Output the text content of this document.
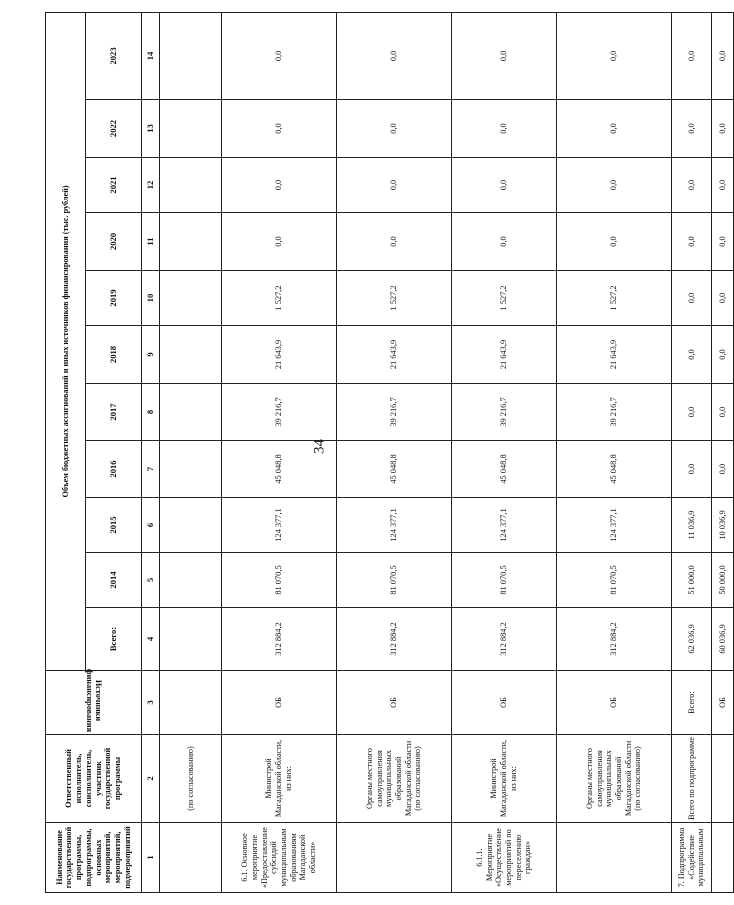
34
Наименование государственной программы, подпрограммы, основных мероприятий, мероприятий, подмероприятий	Ответственный исполнитель, соисполнитель, участник государственной программы	Источники финансирования	Объем бюджетных ассигнований и иных источников финансирования (тыс. рублей)										
			Всего:	2014	2015	2016	2017	2018	2019	2020	2021	2022	2023
1	2	3	4	5	6	7	8	9	10	11	12	13	14
	(по согласованию)												
6.1. Основное мероприятие «Предоставление субсидий муниципальным образованиям Магаданской области»	Министрой Магаданской области, из них:	ОБ	312 884,2	81 070,5	124 377,1	45 048,8	39 216,7	21 643,9	1 527,2	0,0	0,0	0,0	0,0
	Органы местного самоуправления муниципальных образований Магаданской области (по согласованию)	ОБ	312 884,2	81 070,5	124 377,1	45 048,8	39 216,7	21 643,9	1 527,2	0,0	0,0	0,0	0,0
6.1.1. Мероприятие «Осуществление мероприятий по переселению граждан»	Министрой Магаданской области, из них:	ОБ	312 884,2	81 070,5	124 377,1	45 048,8	39 216,7	21 643,9	1 527,2	0,0	0,0	0,0	0,0
	Органы местного самоуправления муниципальных образований Магаданской области (по согласованию)	ОБ	312 884,2	81 070,5	124 377,1	45 048,8	39 216,7	21 643,9	1 527,2	0,0	0,0	0,0	0,0
7. Подпрограмма «Содействие муниципальным	Всего по подпрограмме	Всего:	62 036,9	51 000,0	11 036,9	0,0	0,0	0,0	0,0	0,0	0,0	0,0	0,0
		ОБ	60 036,9	50 000,0	10 036,9	0,0	0,0	0,0	0,0	0,0	0,0	0,0	0,0
